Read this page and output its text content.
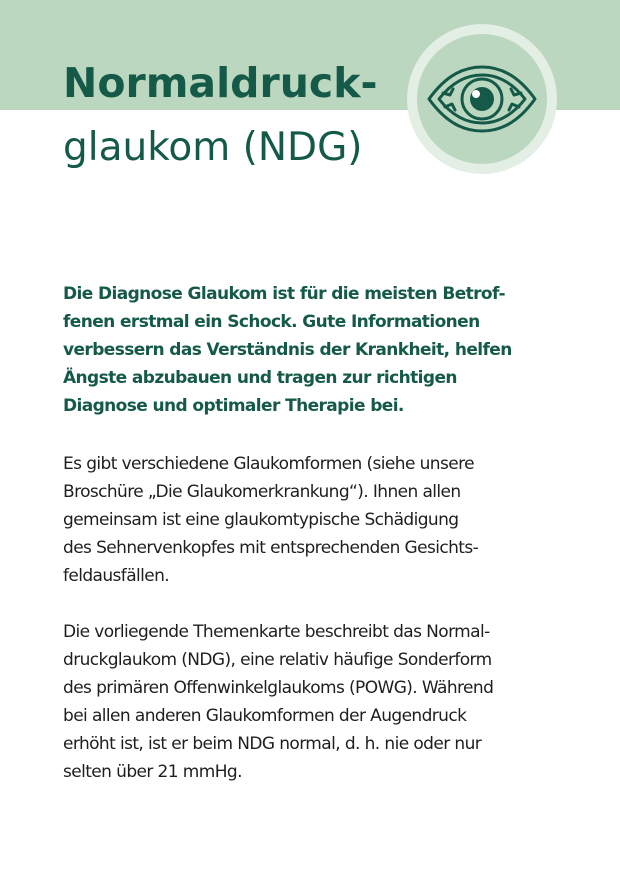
Normaldruck-
glaukom (NDG)

Die Diagnose Glaukom ist für die meisten Betrof-
fenen erstmal ein Schock. Gute Informationen
verbessern das Verständnis der Krankheit, helfen
Ängste abzubauen und tragen zur richtigen
Diagnose und optimaler Therapie bei.

Es gibt verschiedene Glaukomformen (siehe unsere
Broschüre „Die Glaukomerkrankung“). Ihnen allen
gemeinsam ist eine glaukomtypische Schädigung
des Sehnervenkopfes mit entsprechenden Gesichts-
feldausfällen.

Die vorliegende Themenkarte beschreibt das Normal-
druckglaukom (NDG), eine relativ häufige Sonderform
des primären Offenwinkelglaukoms (POWG). Während
bei allen anderen Glaukomformen der Augendruck
erhöht ist, ist er beim NDG normal, d. h. nie oder nur
selten über 21 mmHg.
